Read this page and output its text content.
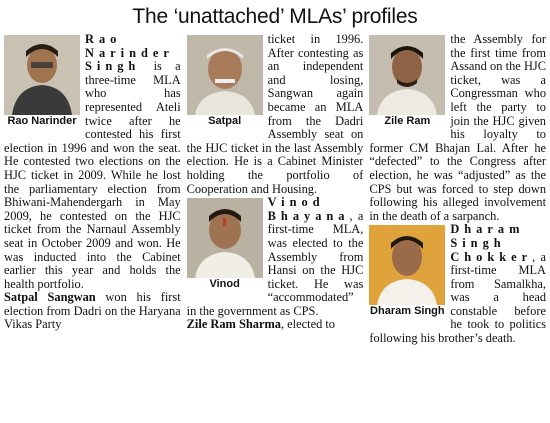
The ‘unattached’ MLAs’ profiles
Rao Narinder

Rao Narinder Singh is a three-time MLA who has represented Ateli twice after he contested his first election in 1996 and won the seat. He contested two elections on the HJC ticket in 2009. While he lost the parliamentary election from Bhiwani-Mahendergarh in May 2009, he contested on the HJC ticket from the Narnaul Assembly seat in October 2009 and won. He was inducted into the Cabinet earlier this year and holds the health portfolio.

Satpal Sangwan won his first election from Dadri on the Haryana Vikas Party

Satpal

ticket in 1996. After contesting as an independent and losing, Sangwan again became an MLA from the Dadri Assembly seat on the HJC ticket in the last Assembly election. He is a Cabinet Minister holding the portfolio of Cooperation and Housing.

Vinod

Vinod Bhayana, a first-time MLA, was elected to the Assembly from Hansi on the HJC ticket. He was “accommodated” in the government as CPS.

Zile Ram Sharma, elected to

Zile Ram

the Assembly for the first time from Assand on the HJC ticket, was a Congressman who left the party to join the HJC given his loyalty to former CM Bhajan Lal. After he “defected” to the Congress after election, he was “adjusted” as the CPS but was forced to step down following his alleged involvement in the death of a sarpanch.

Dharam Singh

Dharam Singh Chokker, a first-time MLA from Samalkha, was a head constable before he took to politics following his brother’s death.
